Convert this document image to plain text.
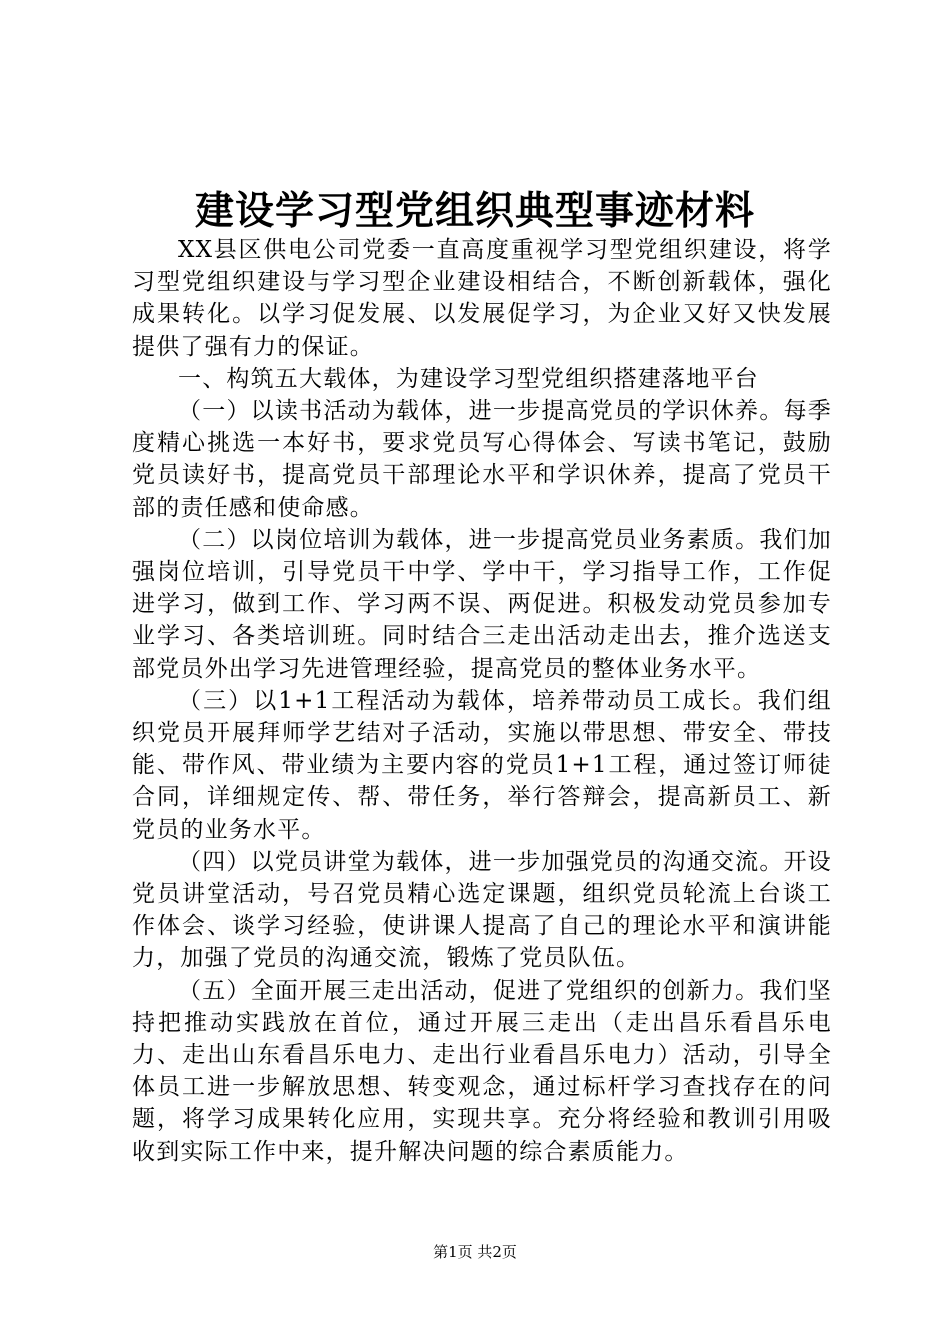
建设学习型党组织典型事迹材料

XX县区供电公司党委一直高度重视学习型党组织建设，将学习型党组织建设与学习型企业建设相结合，不断创新载体，强化成果转化。以学习促发展、以发展促学习，为企业又好又快发展提供了强有力的保证。

一、构筑五大载体，为建设学习型党组织搭建落地平台

（一）以读书活动为载体，进一步提高党员的学识休养。每季度精心挑选一本好书，要求党员写心得体会、写读书笔记，鼓励党员读好书，提高党员干部理论水平和学识休养，提高了党员干部的责任感和使命感。

（二）以岗位培训为载体，进一步提高党员业务素质。我们加强岗位培训，引导党员干中学、学中干，学习指导工作，工作促进学习，做到工作、学习两不误、两促进。积极发动党员参加专业学习、各类培训班。同时结合三走出活动走出去，推介选送支部党员外出学习先进管理经验，提高党员的整体业务水平。

（三）以1+1工程活动为载体，培养带动员工成长。我们组织党员开展拜师学艺结对子活动，实施以带思想、带安全、带技能、带作风、带业绩为主要内容的党员1+1工程，通过签订师徒合同，详细规定传、帮、带任务，举行答辩会，提高新员工、新党员的业务水平。

（四）以党员讲堂为载体，进一步加强党员的沟通交流。开设党员讲堂活动，号召党员精心选定课题，组织党员轮流上台谈工作体会、谈学习经验，使讲课人提高了自己的理论水平和演讲能力，加强了党员的沟通交流，锻炼了党员队伍。

（五）全面开展三走出活动，促进了党组织的创新力。我们坚持把推动实践放在首位，通过开展三走出（走出昌乐看昌乐电力、走出山东看昌乐电力、走出行业看昌乐电力）活动，引导全体员工进一步解放思想、转变观念，通过标杆学习查找存在的问题，将学习成果转化应用，实现共享。充分将经验和教训引用吸收到实际工作中来，提升解决问题的综合素质能力。

第1页 共2页
